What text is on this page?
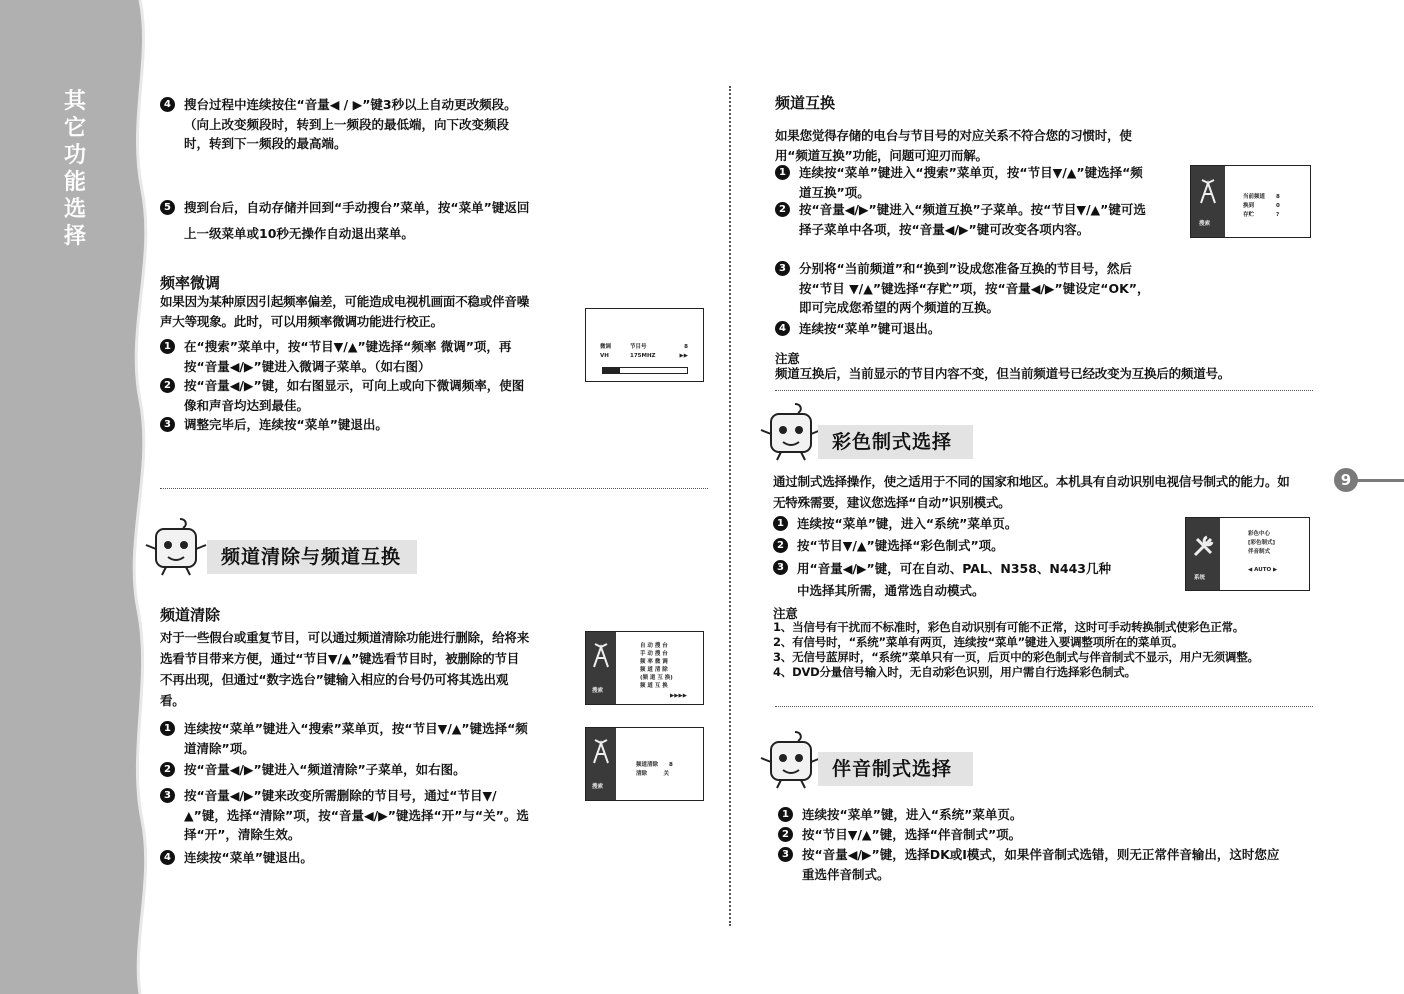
其
它
功
能
选
择
4	搜台过程中连续按住“音量◀ / ▶”键3秒以上自动更改频段。（向上改变频段时，转到上一频段的最低端，向下改变频段时，转到下一频段的最高端。
5	搜到台后，自动存储并回到“手动搜台”菜单，按“菜单”键返回上一级菜单或10秒无操作自动退出菜单。
频率微调
如果因为某种原因引起频率偏差，可能造成电视机画面不稳或伴音噪声大等现象。此时，可以用频率微调功能进行校正。
1	在“搜索”菜单中，按“节目▼/▲”键选择“频率 微调”项，再按“音量◀/▶”键进入微调子菜单。（如右图）
2	按“音量◀/▶”键，如右图显示，可向上或向下微调频率，使图像和声音均达到最佳。
3	调整完毕后，连续按“菜单”键退出。
微调
VH
节目号
175MHZ
8
▶▶
频道清除与频道互换
频道清除
对于一些假台或重复节目，可以通过频道清除功能进行删除，给将来选看节目带来方便，通过“节目▼/▲”键选看节目时，被删除的节目不再出现，但通过“数字选台”键输入相应的台号仍可将其选出观看。
1	连续按“菜单”键进入“搜索”菜单页，按“节目▼/▲”键选择“频道清除”项。
2	按“音量◀/▶”键进入“频道清除”子菜单，如右图。
3	按“音量◀/▶”键来改变所需删除的节目号，通过“节目▼/▲”键，选择“清除”项，按“音量◀/▶”键选择“开”与“关”。选择“开”，清除生效。
4	连续按“菜单”键退出。
搜索
自 动 搜 台
手 动 搜 台
频 率 微 调
频 道 清 除
(频 道 互 换)
频 道 互 换
▶▶▶▶
搜索
频道清除　　8
清除　　　关
频道互换
如果您觉得存储的电台与节目号的对应关系不符合您的习惯时，使用“频道互换”功能，问题可迎刃而解。
1	连续按“菜单”键进入“搜索”菜单页，按“节目▼/▲”键选择“频道互换”项。
2	按“音量◀/▶”键进入“频道互换”子菜单。按“节目▼/▲”键可选择子菜单中各项，按“音量◀/▶”键可改变各项内容。
3	分别将“当前频道”和“换到”设成您准备互换的节目号，然后按“节目 ▼/▲”键选择“存贮”项，按“音量◀/▶”键设定“OK”，即可完成您希望的两个频道的互换。
4	连续按“菜单”键可退出。
搜索
当前频道　　8
换到　　　　0
存贮　　　　?
注意
频道互换后，当前显示的节目内容不变，但当前频道号已经改变为互换后的频道号。
彩色制式选择
通过制式选择操作，使之适用于不同的国家和地区。本机具有自动识别电视信号制式的能力。如无特殊需要，建议您选择“自动”识别模式。
1	连续按“菜单”键，进入“系统”菜单页。
2	按“节目▼/▲”键选择“彩色制式”项。
3	用“音量◀/▶”键，可在自动、PAL、N358、N443几种中选择其所需，通常选自动模式。
系统
彩色中心
[彩色制式]
伴音制式
◀ AUTO ▶
注意
1、当信号有干扰而不标准时，彩色自动识别有可能不正常，这时可手动转换制式使彩色正常。
2、有信号时，“系统”菜单有两页，连续按“菜单”键进入要调整项所在的菜单页。
3、无信号蓝屏时，“系统”菜单只有一页，后页中的彩色制式与伴音制式不显示，用户无须调整。
4、DVD分量信号输入时，无自动彩色识别，用户需自行选择彩色制式。
伴音制式选择
1	连续按“菜单”键，进入“系统”菜单页。
2	按“节目▼/▲”键，选择“伴音制式”项。
3	按“音量◀/▶”键，选择DK或I模式，如果伴音制式选错，则无正常伴音输出，这时您应重选伴音制式。
9
